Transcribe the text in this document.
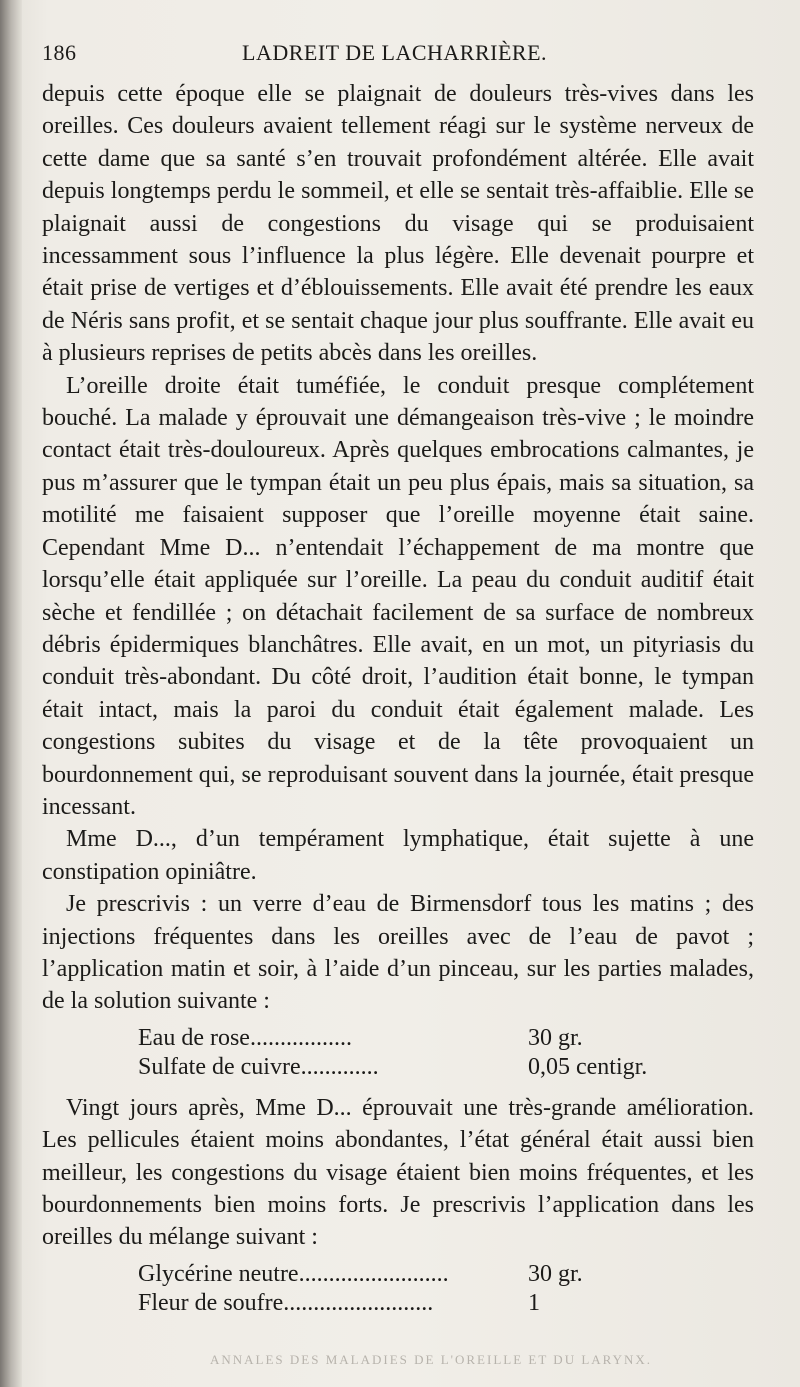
186	LADREIT DE LACHARRIÈRE.

depuis cette époque elle se plaignait de douleurs très-vives dans les oreilles. Ces douleurs avaient tellement réagi sur le système nerveux de cette dame que sa santé s’en trouvait profondément altérée. Elle avait depuis longtemps perdu le sommeil, et elle se sentait très-affaiblie. Elle se plaignait aussi de congestions du visage qui se produisaient incessamment sous l’influence la plus légère. Elle devenait pourpre et était prise de vertiges et d’éblouissements. Elle avait été prendre les eaux de Néris sans profit, et se sentait chaque jour plus souffrante. Elle avait eu à plusieurs reprises de petits abcès dans les oreilles.

L’oreille droite était tuméfiée, le conduit presque complétement bouché. La malade y éprouvait une démangeaison très-vive ; le moindre contact était très-douloureux. Après quelques embrocations calmantes, je pus m’assurer que le tympan était un peu plus épais, mais sa situation, sa motilité me faisaient supposer que l’oreille moyenne était saine. Cependant Mme D... n’entendait l’échappement de ma montre que lorsqu’elle était appliquée sur l’oreille. La peau du conduit auditif était sèche et fendillée ; on détachait facilement de sa surface de nombreux débris épidermiques blanchâtres. Elle avait, en un mot, un pityriasis du conduit très-abondant. Du côté droit, l’audition était bonne, le tympan était intact, mais la paroi du conduit était également malade. Les congestions subites du visage et de la tête provoquaient un bourdonnement qui, se reproduisant souvent dans la journée, était presque incessant.

Mme D..., d’un tempérament lymphatique, était sujette à une constipation opiniâtre.

Je prescrivis : un verre d’eau de Birmensdorf tous les matins ; des injections fréquentes dans les oreilles avec de l’eau de pavot ; l’application matin et soir, à l’aide d’un pinceau, sur les parties malades, de la solution suivante :

Eau de rose.................	30 gr.
Sulfate de cuivre.............	0,05 centigr.

Vingt jours après, Mme D... éprouvait une très-grande amélioration. Les pellicules étaient moins abondantes, l’état général était aussi bien meilleur, les congestions du visage étaient bien moins fréquentes, et les bourdonnements bien moins forts. Je prescrivis l’application dans les oreilles du mélange suivant :

Glycérine neutre.........................	30 gr.
Fleur de soufre.........................	1
ANNALES DES MALADIES DE L'OREILLE ET DU LARYNX.
